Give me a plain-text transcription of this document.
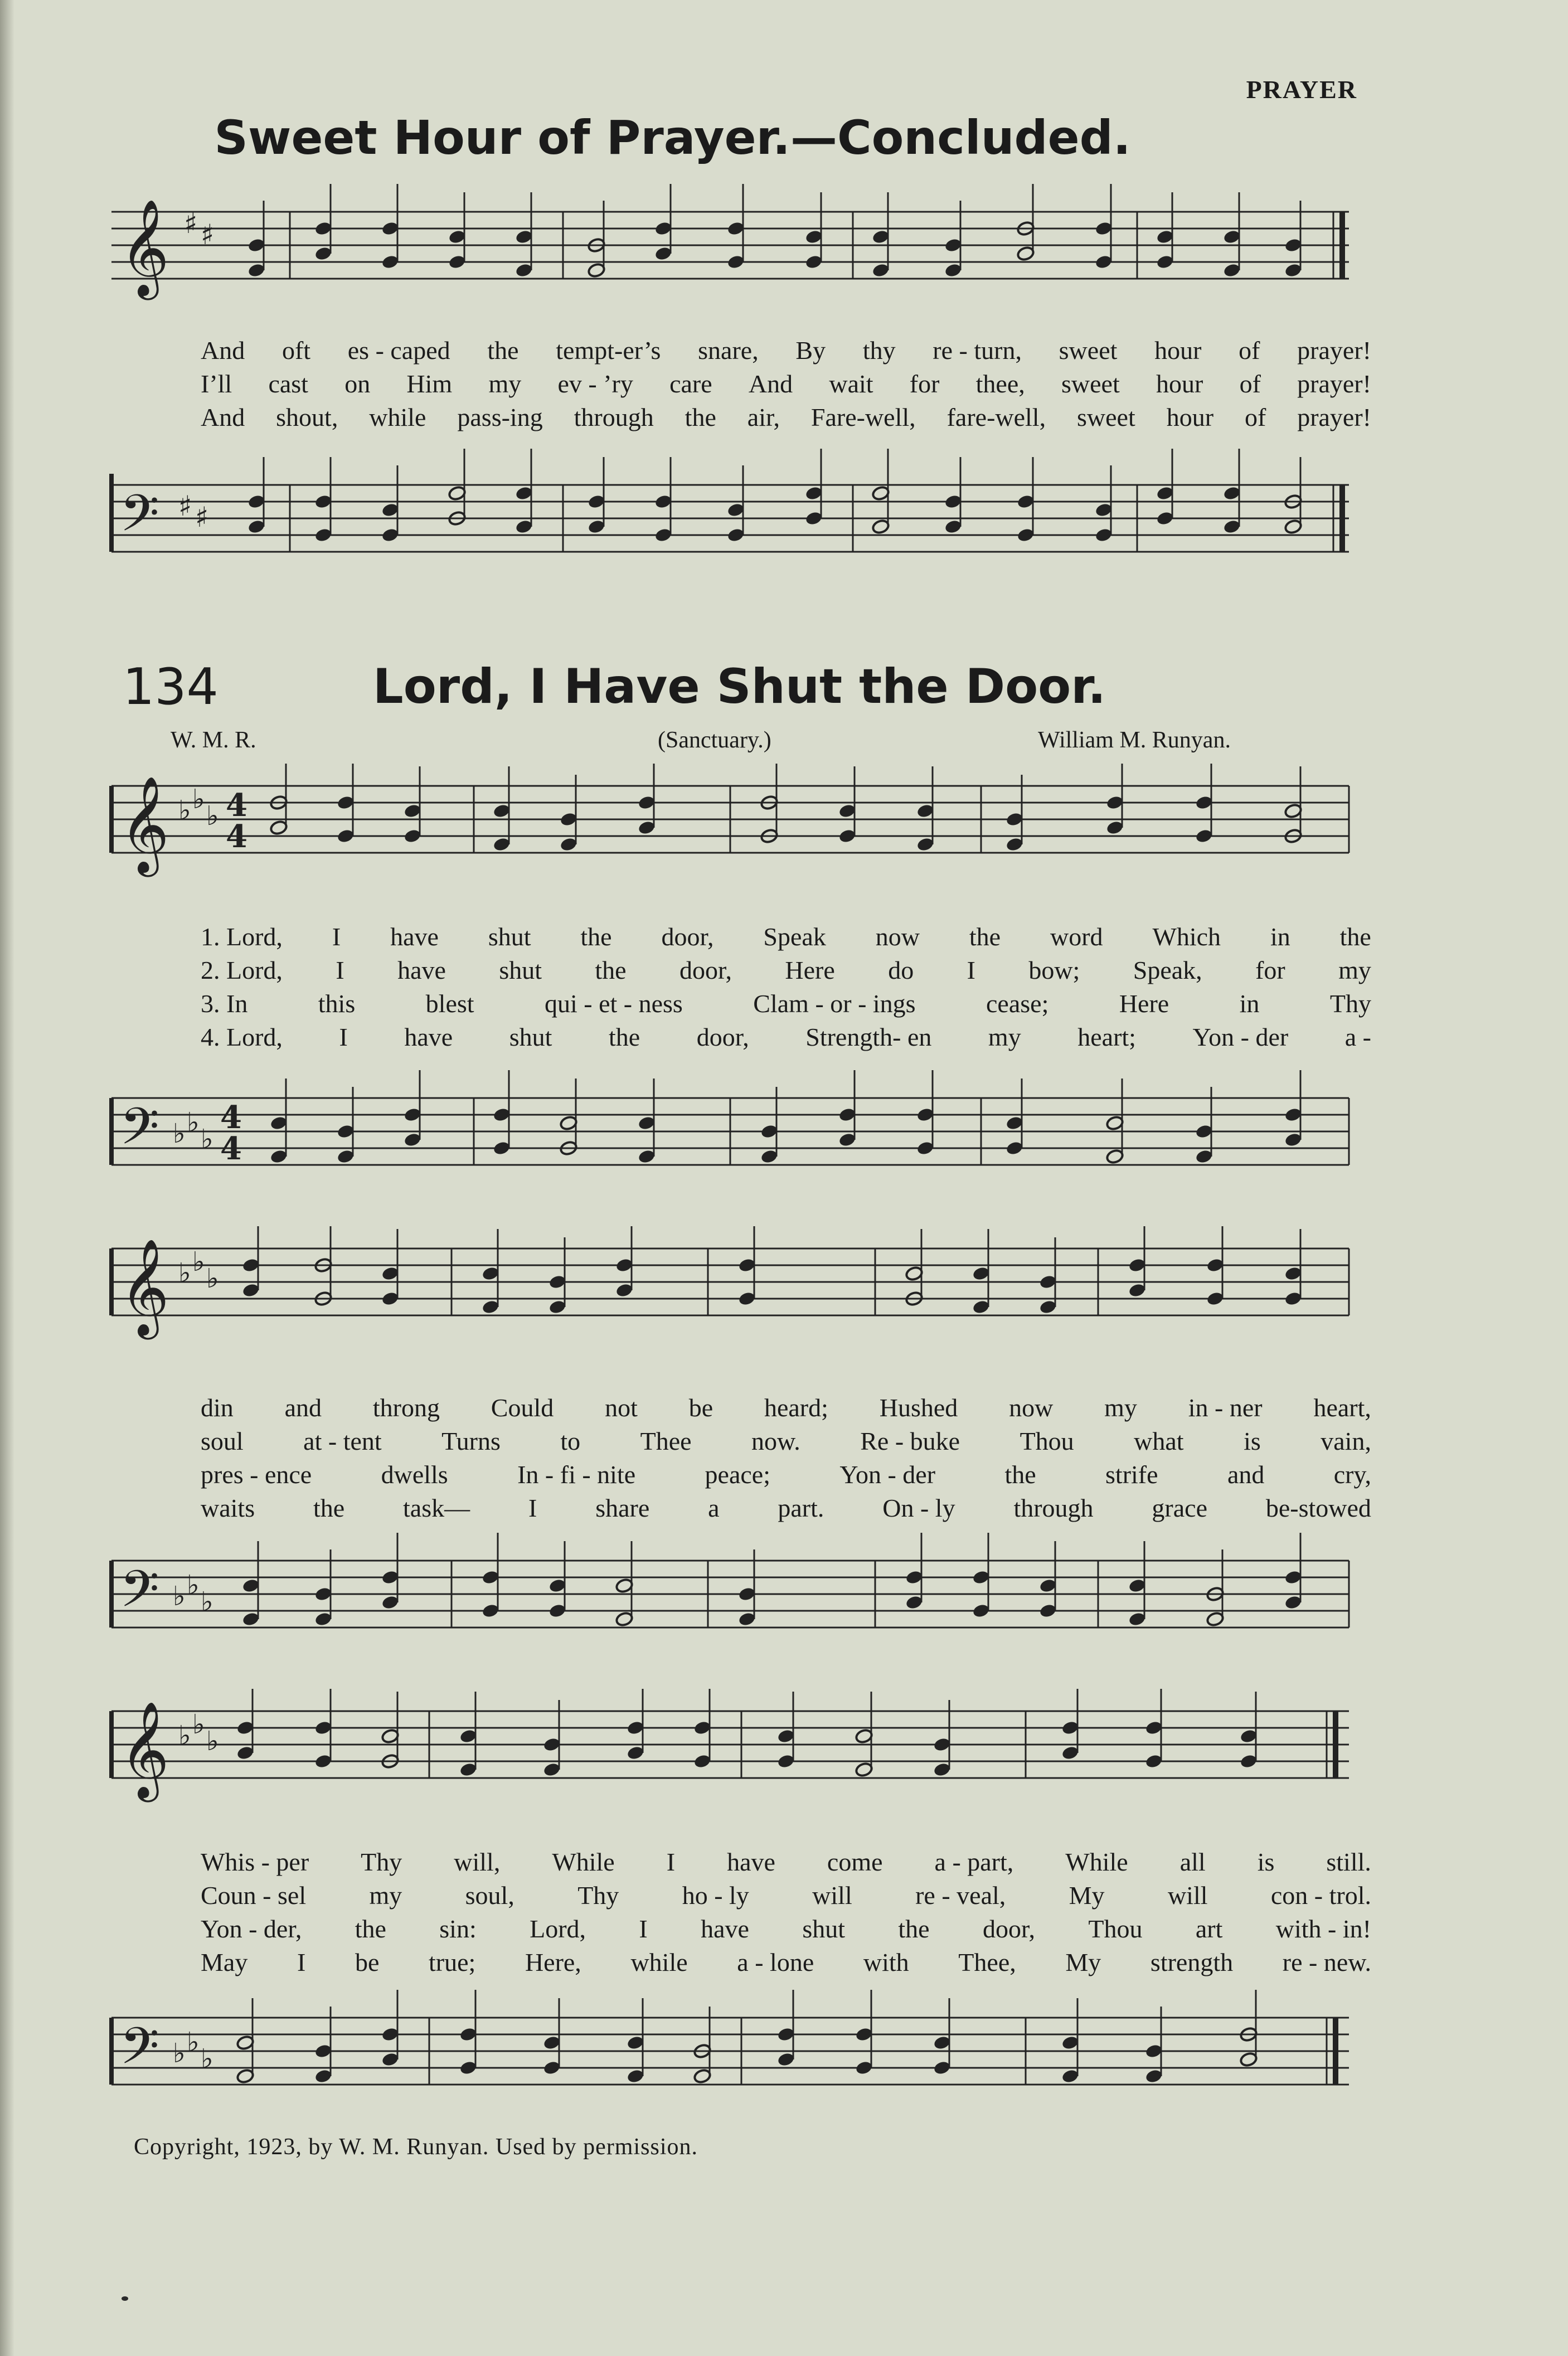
PRAYER
Sweet Hour of Prayer.—Concluded.
𝄞 ♯ ♯
And oft es - caped the tempt-er’s snare, By thy re - turn, sweet hour of prayer!
I’ll cast on Him my ev - ’ry care And wait for thee, sweet hour of prayer!
And shout, while pass-ing through the air, Fare-well, fare-well, sweet hour of prayer!
𝄢 ♯ ♯
134	Lord, I Have Shut the Door.
W. M. R.	(Sanctuary.)	William M. Runyan.
𝄞 ♭ ♭
♭ 4
4
1. Lord, I have shut the door, Speak now the word Which in the
2. Lord, I have shut the door, Here do I bow; Speak, for my
3. In	this	blest	qui - et - ness	Clam - or - ings	cease;	Here	in	Thy
4. Lord, I have shut the door, Strength- en my heart; Yon - der a -
𝄢 ♭ ♭
♭
4
4
𝄞 ♭ ♭
♭
din and throng Could not be heard; Hushed now my in - ner heart,
soul at - tent Turns to Thee now. Re - buke Thou what is vain,
pres - ence	dwells	In - fi - nite	peace;	Yon - der	the	strife	and	cry,
waits the task— I share a part. On - ly through grace be-stowed
𝄢 ♭ ♭
♭
𝄞 ♭ ♭
♭
Whis - per Thy will, While I have come a - part, While all is still.
Coun - sel my soul, Thy ho - ly will re - veal, My will con - trol.
Yon - der, the sin: Lord, I have shut the door, Thou art with - in!
May I be true; Here, while a - lone with Thee, My strength re - new.
𝄢 ♭ ♭
♭
Copyright, 1923, by W. M. Runyan. Used by permission.
